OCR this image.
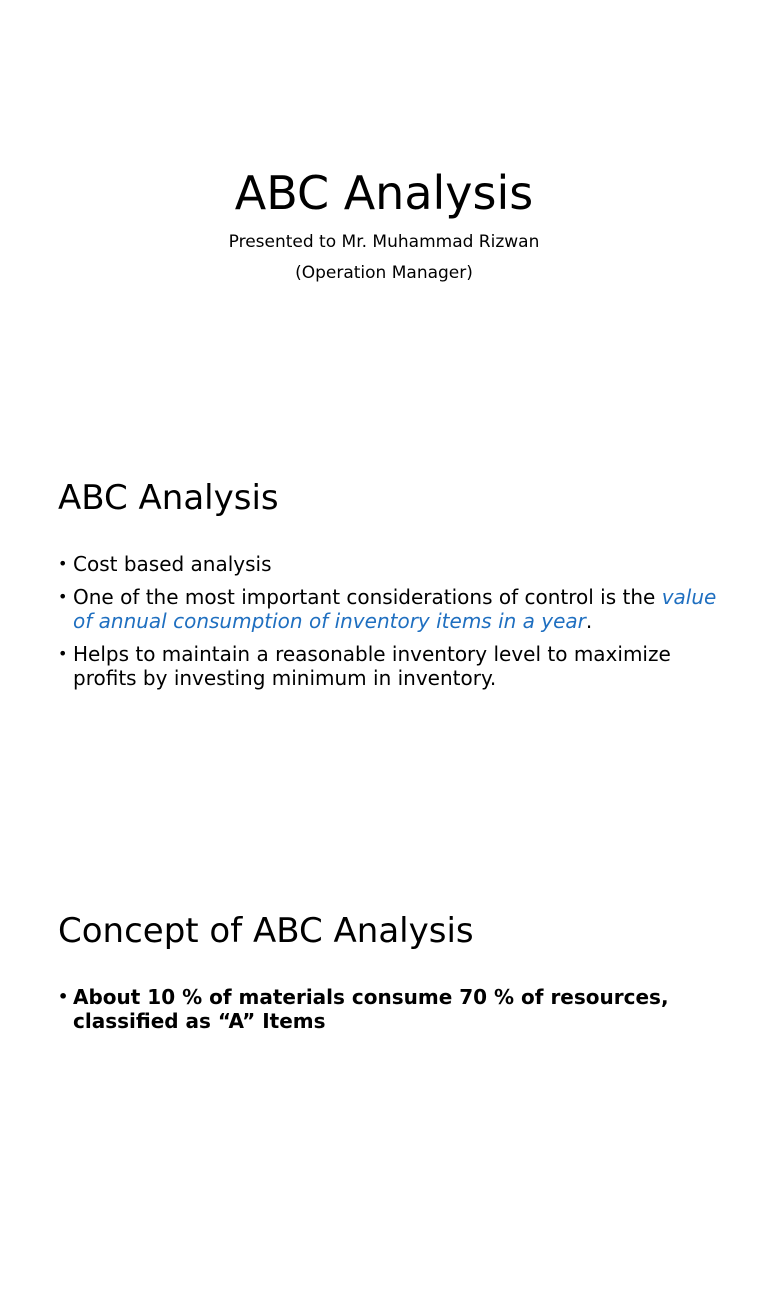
ABC Analysis

Presented to Mr. Muhammad Rizwan

(Operation Manager)

ABC Analysis
• Cost based analysis
• One of the most important considerations of control is the value of annual consumption of inventory items in a year.
• Helps to maintain a reasonable inventory level to maximize profits by investing minimum in inventory.
Concept of ABC Analysis
• About 10 % of materials consume 70 % of resources, classified as “A” Items
